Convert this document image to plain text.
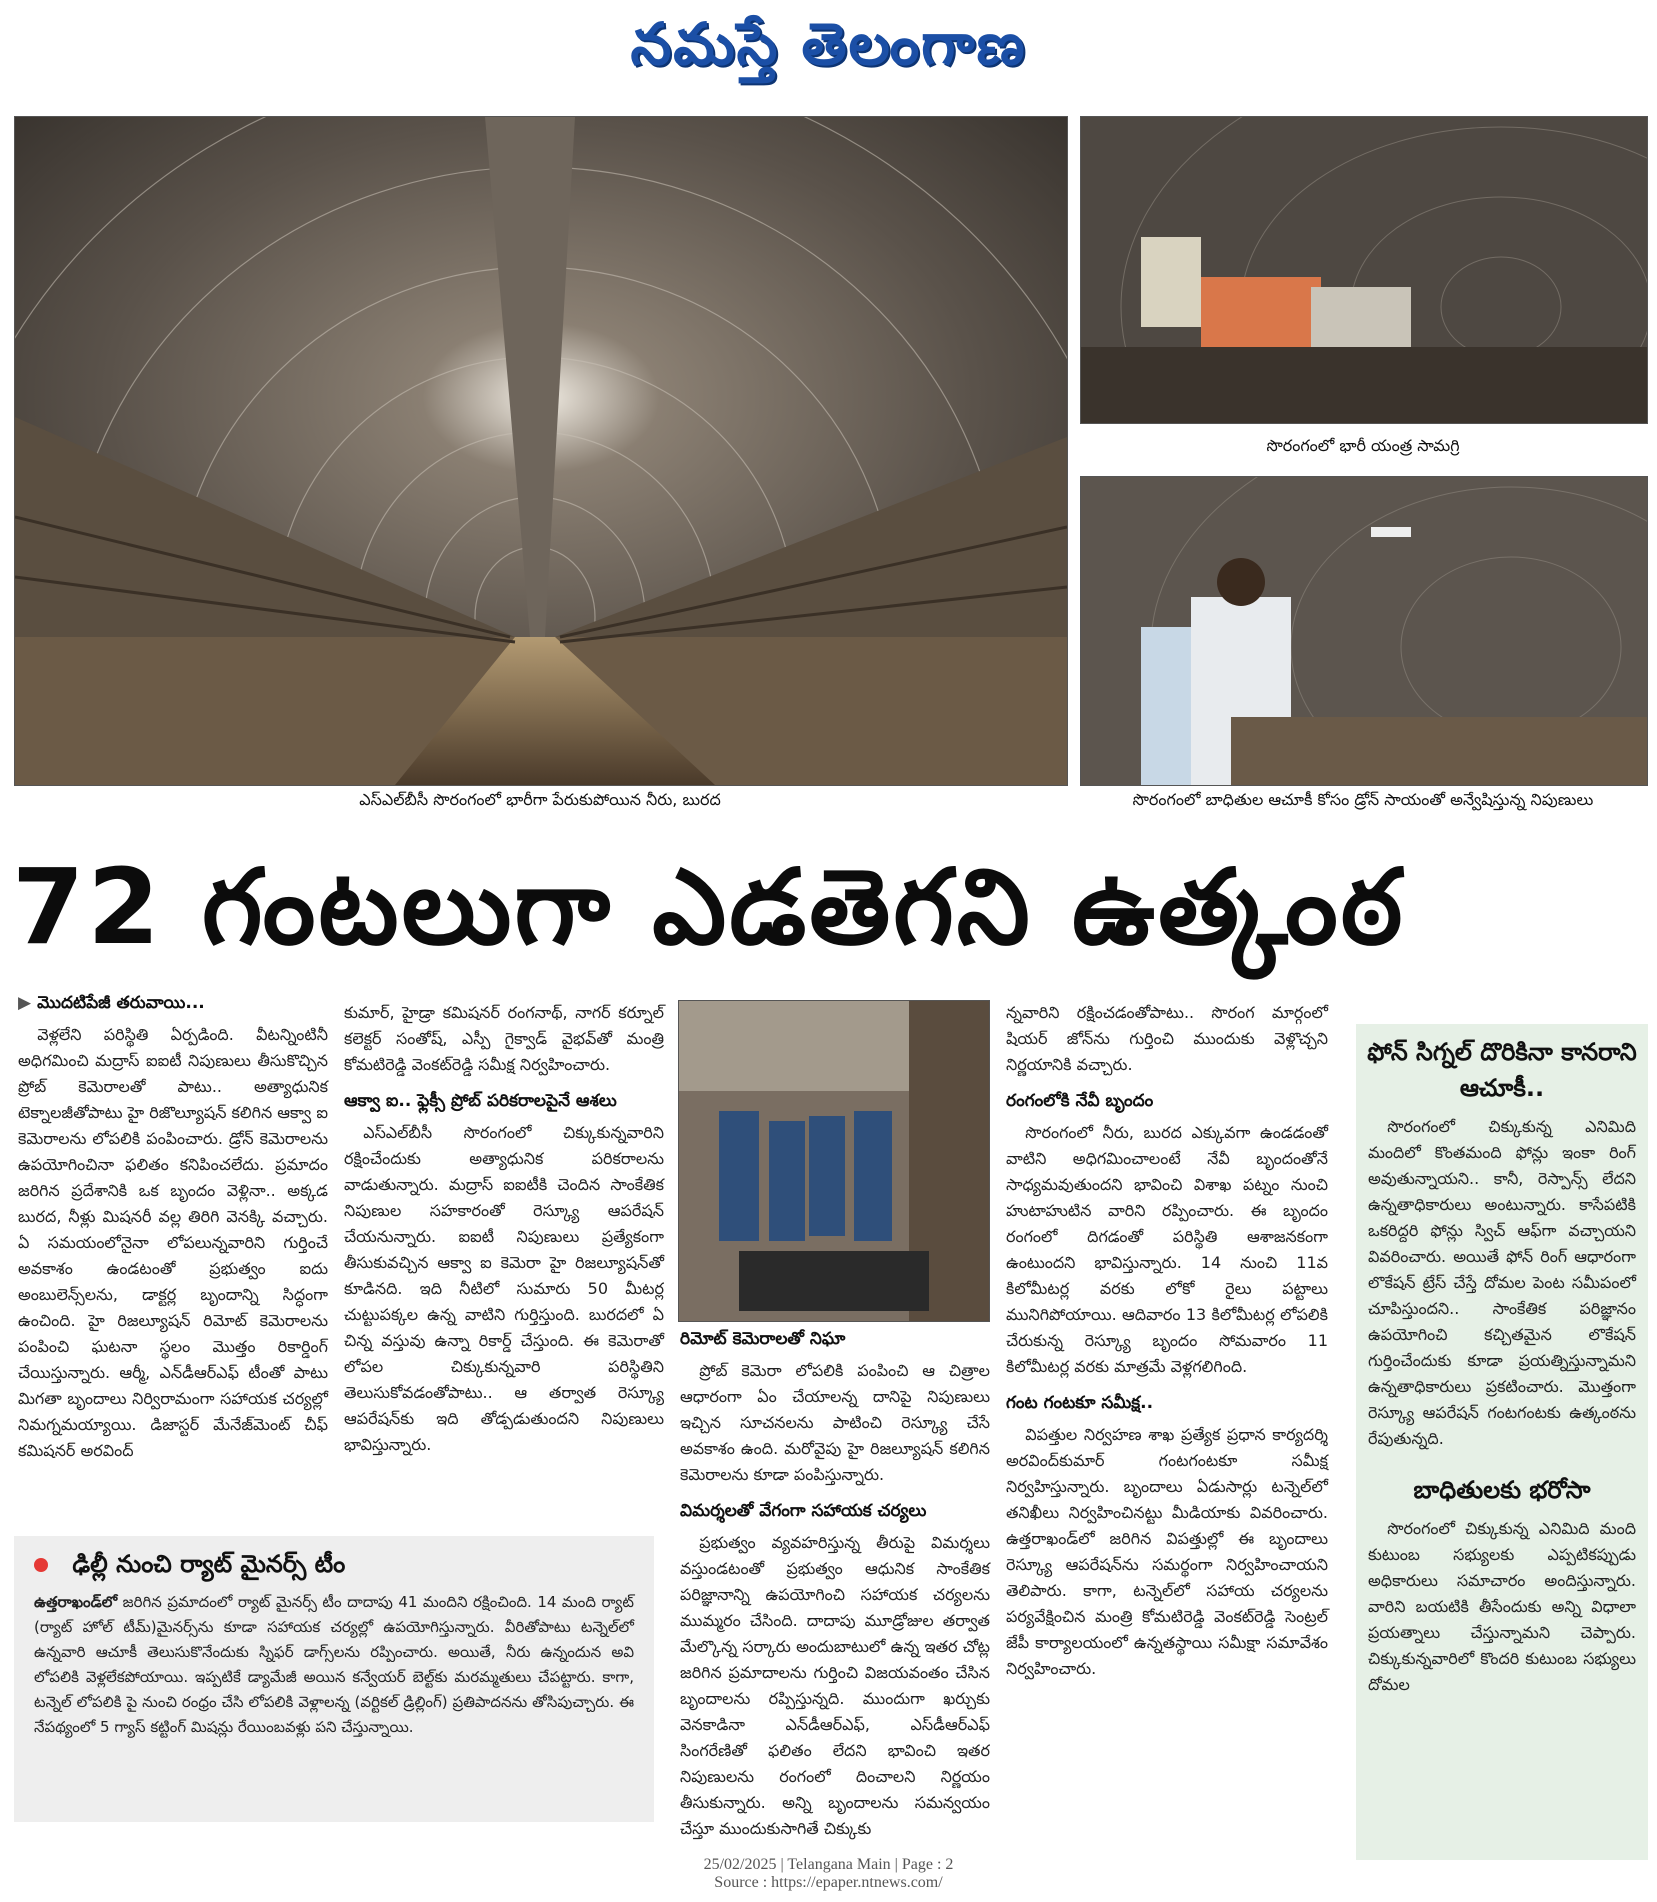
నమస్తే తెలంగాణ
సొరంగంలో భారీ యంత్ర సామగ్రి
ఎస్ఎల్‌బీసీ సొరంగంలో భారీగా పేరుకుపోయిన నీరు, బురద	సొరంగంలో బాధితుల ఆచూకీ కోసం డ్రోన్ సాయంతో అన్వేషిస్తున్న నిపుణులు
72 గంటలుగా ఎడతెగని ఉత్కంఠ
▶ మొదటిపేజీ తరువాయి...

వెళ్లలేని పరిస్థితి ఏర్పడింది. వీటన్నింటినీ అధిగమించి మద్రాస్ ఐఐటీ నిపుణులు తీసుకొచ్చిన ప్రోబ్ కెమెరాలతో పాటు.. అత్యాధునిక టెక్నాలజీతోపాటు హై రిజొల్యూషన్ కలిగిన ఆక్వా ఐ కెమెరాలను లోపలికి పంపించారు. డ్రోన్ కెమెరాలను ఉపయోగించినా ఫలితం కనిపించలేదు. ప్రమాదం జరిగిన ప్రదేశానికి ఒక బృందం వెళ్లినా.. అక్కడ బురద, నీళ్లు మిషనరీ వల్ల తిరిగి వెనక్కి వచ్చారు. ఏ సమయంలోనైనా లోపలున్నవారిని గుర్తించే అవకాశం ఉండటంతో ప్రభుత్వం ఐదు అంబులెన్స్‌లను, డాక్టర్ల బృందాన్ని సిద్ధంగా ఉంచింది. హై రిజల్యూషన్ రిమోట్ కెమెరాలను పంపించి ఘటనా స్థలం మొత్తం రికార్డింగ్ చేయిస్తున్నారు. ఆర్మీ, ఎన్‌డీఆర్ఎఫ్ టీంతో పాటు మిగతా బృందాలు నిర్విరామంగా సహాయక చర్యల్లో నిమగ్నమయ్యాయి. డిజాస్టర్ మేనేజ్‌మెంట్ చీఫ్ కమిషనర్ అరవింద్

కుమార్, హైడ్రా కమిషనర్ రంగనాథ్, నాగర్ కర్నూల్ కలెక్టర్ సంతోష్, ఎస్పీ గైక్వాడ్ వైభవ్‌తో మంత్రి కోమటిరెడ్డి వెంకట్‌రెడ్డి సమీక్ష నిర్వహించారు.

ఆక్వా ఐ.. ఫ్లెక్సీ ప్రోబ్ పరికరాలపైనే ఆశలు

ఎస్ఎల్‌బీసీ సొరంగంలో చిక్కుకున్నవారిని రక్షించేందుకు అత్యాధునిక పరికరాలను వాడుతున్నారు. మద్రాస్ ఐఐటీకి చెందిన సాంకేతిక నిపుణుల సహకారంతో రెస్క్యూ ఆపరేషన్ చేయనున్నారు. ఐఐటీ నిపుణులు ప్రత్యేకంగా తీసుకువచ్చిన ఆక్వా ఐ కెమెరా హై రిజల్యూషన్‌తో కూడినది. ఇది నీటిలో సుమారు 50 మీటర్ల చుట్టుపక్కల ఉన్న వాటిని గుర్తిస్తుంది. బురదలో ఏ చిన్న వస్తువు ఉన్నా రికార్డ్ చేస్తుంది. ఈ కెమెరాతో లోపల చిక్కుకున్నవారి పరిస్థితిని తెలుసుకోవడంతోపాటు.. ఆ తర్వాత రెస్క్యూ ఆపరేషన్‌కు ఇది తోడ్పడుతుందని నిపుణులు భావిస్తున్నారు.

రిమోట్ కెమెరాలతో నిఘా

ప్రోబ్ కెమెరా లోపలికి పంపించి ఆ చిత్రాల ఆధారంగా ఏం చేయాలన్న దానిపై నిపుణులు ఇచ్చిన సూచనలను పాటించి రెస్క్యూ చేసే అవకాశం ఉంది. మరోవైపు హై రిజల్యూషన్ కలిగిన కెమెరాలను కూడా పంపిస్తున్నారు.

విమర్శలతో వేగంగా సహాయక చర్యలు

ప్రభుత్వం వ్యవహరిస్తున్న తీరుపై విమర్శలు వస్తుండటంతో ప్రభుత్వం ఆధునిక సాంకేతిక పరిజ్ఞానాన్ని ఉపయోగించి సహాయక చర్యలను ముమ్మరం చేసింది. దాదాపు మూడ్రోజుల తర్వాత మేల్కొన్న సర్కారు అందుబాటులో ఉన్న ఇతర చోట్ల జరిగిన ప్రమాదాలను గుర్తించి విజయవంతం చేసిన బృందాలను రప్పిస్తున్నది. ముందుగా ఖర్చుకు వెనకాడినా ఎన్‌డీఆర్ఎఫ్, ఎస్‌డీఆర్ఎఫ్ సింగరేణితో ఫలితం లేదని భావించి ఇతర నిపుణులను రంగంలో దించాలని నిర్ణయం తీసుకున్నారు. అన్ని బృందాలను సమన్వయం చేస్తూ ముందుకుసాగితే చిక్కుకు

న్నవారిని రక్షించడంతోపాటు.. సొరంగ మార్గంలో షియర్ జోన్‌ను గుర్తించి ముందుకు వెళ్లొచ్చని నిర్ణయానికి వచ్చారు.

రంగంలోకి నేవీ బృందం

సొరంగంలో నీరు, బురద ఎక్కువగా ఉండడంతో వాటిని అధిగమించాలంటే నేవీ బృందంతోనే సాధ్యమవుతుందని భావించి విశాఖ పట్నం నుంచి హుటాహుటిన వారిని రప్పించారు. ఈ బృందం రంగంలో దిగడంతో పరిస్థితి ఆశాజనకంగా ఉంటుందని భావిస్తున్నారు. 14 నుంచి 11వ కిలోమీటర్ల వరకు లోకో రైలు పట్టాలు మునిగిపోయాయి. ఆదివారం 13 కిలోమీటర్ల లోపలికి చేరుకున్న రెస్క్యూ బృందం సోమవారం 11 కిలోమీటర్ల వరకు మాత్రమే వెళ్లగలిగింది.

గంట గంటకూ సమీక్ష..

విపత్తుల నిర్వహణ శాఖ ప్రత్యేక ప్రధాన కార్యదర్శి అరవింద్‌కుమార్ గంటగంటకూ సమీక్ష నిర్వహిస్తున్నారు. బృందాలు ఏడుసార్లు టన్నెల్‌లో తనిఖీలు నిర్వహించినట్టు మీడియాకు వివరించారు. ఉత్తరాఖండ్‌లో జరిగిన విపత్తుల్లో ఈ బృందాలు రెస్క్యూ ఆపరేషన్‌ను సమర్థంగా నిర్వహించాయని తెలిపారు. కాగా, టన్నెల్‌లో సహాయ చర్యలను పర్యవేక్షించిన మంత్రి కోమటిరెడ్డి వెంకట్‌రెడ్డి సెంట్రల్ జేపీ కార్యాలయంలో ఉన్నతస్థాయి సమీక్షా సమావేశం నిర్వహించారు.

ఫోన్ సిగ్నల్ దొరికినా కానరాని ఆచూకీ..

సొరంగంలో చిక్కుకున్న ఎనిమిది మందిలో కొంతమంది ఫోన్లు ఇంకా రింగ్ అవుతున్నాయని.. కానీ, రెస్పాన్స్ లేదని ఉన్నతాధికారులు అంటున్నారు. కాసేపటికి ఒకరిద్దరి ఫోన్లు స్విచ్ ఆఫ్‌గా వచ్చాయని వివరించారు. అయితే ఫోన్ రింగ్ ఆధారంగా లొకేషన్ ట్రేస్ చేస్తే దోమల పెంట సమీపంలో చూపిస్తుందని.. సాంకేతిక పరిజ్ఞానం ఉపయోగించి కచ్చితమైన లొకేషన్ గుర్తించేందుకు కూడా ప్రయత్నిస్తున్నామని ఉన్నతాధికారులు ప్రకటించారు. మొత్తంగా రెస్క్యూ ఆపరేషన్ గంటగంటకు ఉత్కంఠను రేపుతున్నది.

బాధితులకు భరోసా

సొరంగంలో చిక్కుకున్న ఎనిమిది మంది కుటుంబ సభ్యులకు ఎప్పటికప్పుడు అధికారులు సమాచారం అందిస్తున్నారు. వారిని బయటికి తీసేందుకు అన్ని విధాలా ప్రయత్నాలు చేస్తున్నామని చెప్పారు. చిక్కుకున్నవారిలో కొందరి కుటుంబ సభ్యులు దోమల

ఢిల్లీ నుంచి ర్యాట్ మైనర్స్ టీం
ఉత్తరాఖండ్‌లో జరిగిన ప్రమాదంలో ర్యాట్ మైనర్స్ టీం దాదాపు 41 మందిని రక్షించింది. 14 మంది ర్యాట్ (ర్యాట్ హోల్ టీమ్)మైనర్స్‌ను కూడా సహాయక చర్యల్లో ఉపయోగిస్తున్నారు. వీరితోపాటు టన్నెల్‌లో ఉన్నవారి ఆచూకీ తెలుసుకొనేందుకు స్నిఫర్ డాగ్స్‌లను రప్పించారు. అయితే, నీరు ఉన్నందున అవి లోపలికి వెళ్లలేకపోయాయి. ఇప్పటికే డ్యామేజీ అయిన కన్వేయర్ బెల్ట్‌కు మరమ్మతులు చేపట్టారు. కాగా, టన్నెల్ లోపలికి పై నుంచి రంధ్రం చేసి లోపలికి వెళ్లాలన్న (వర్టికల్ డ్రిల్లింగ్) ప్రతిపాదనను తోసిపుచ్చారు. ఈ నేపథ్యంలో 5 గ్యాస్ కట్టింగ్ మిషన్లు రేయింబవళ్లు పని చేస్తున్నాయి.
25/02/2025 | Telangana Main | Page : 2
Source : https://epaper.ntnews.com/
